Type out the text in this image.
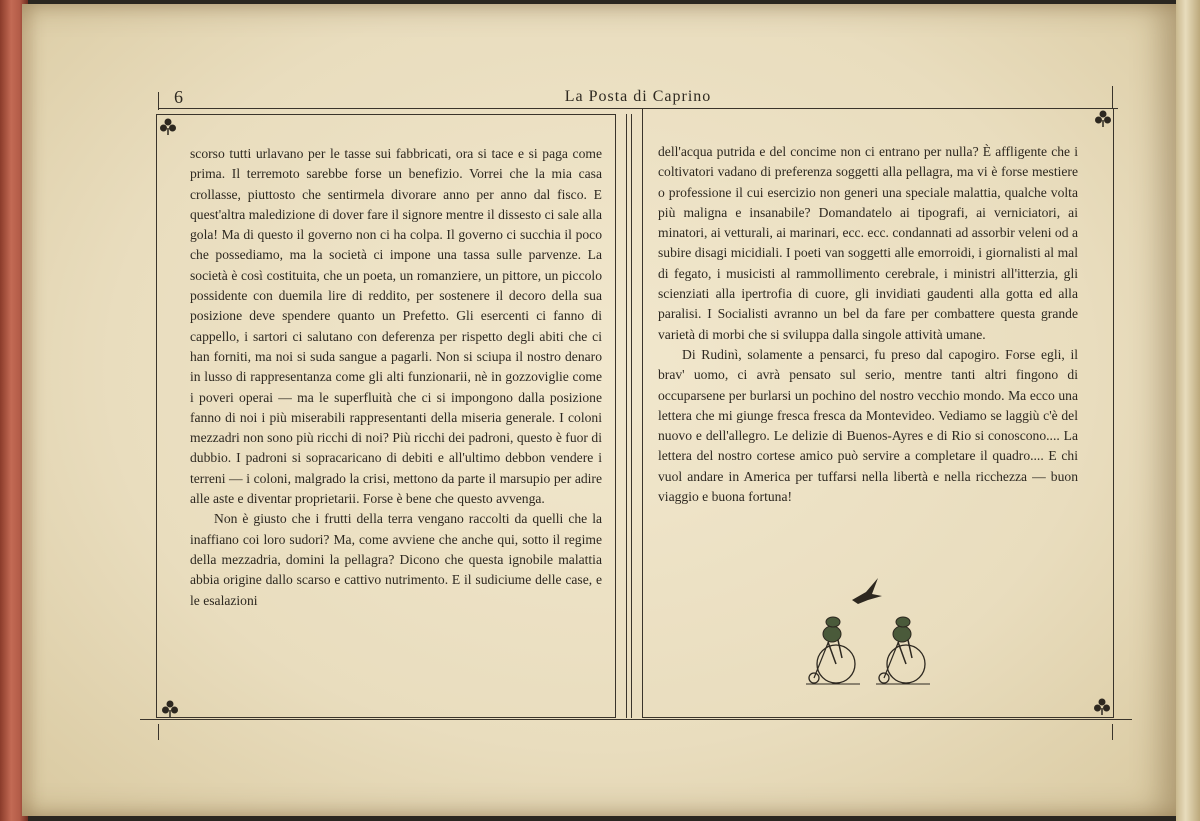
6	La Posta di Caprino

scorso tutti urlavano per le tasse sui fabbricati, ora si tace e si paga come prima. Il terremoto sarebbe forse un benefizio. Vorrei che la mia casa crollasse, piuttosto che sentirmela divorare anno per anno dal fisco. E quest'altra maledizione di dover fare il signore mentre il dissesto ci sale alla gola! Ma di questo il governo non ci ha colpa. Il governo ci succhia il poco che possediamo, ma la società ci impone una tassa sulle parvenze. La società è così costituita, che un poeta, un romanziere, un pittore, un piccolo possidente con duemila lire di reddito, per sostenere il decoro della sua posizione deve spendere quanto un Prefetto. Gli esercenti ci fanno di cappello, i sartori ci salutano con deferenza per rispetto degli abiti che ci han forniti, ma noi si suda sangue a pagarli. Non si sciupa il nostro denaro in lusso di rappresentanza come gli alti funzionarii, nè in gozzoviglie come i poveri operai — ma le superfluità che ci si impongono dalla posizione fanno di noi i più miserabili rappresentanti della miseria generale. I coloni mezzadri non sono più ricchi di noi? Più ricchi dei padroni, questo è fuor di dubbio. I padroni si sopracaricano di debiti e all'ultimo debbon vendere i terreni — i coloni, malgrado la crisi, mettono da parte il marsupio per adire alle aste e diventar proprietarii. Forse è bene che questo avvenga.

Non è giusto che i frutti della terra vengano raccolti da quelli che la inaffiano coi loro sudori? Ma, come avviene che anche qui, sotto il regime della mezzadria, domini la pellagra? Dicono che questa ignobile malattia abbia origine dallo scarso e cattivo nutrimento. E il sudiciume delle case, e le esalazioni

dell'acqua putrida e del concime non ci entrano per nulla? È affligente che i coltivatori vadano di preferenza soggetti alla pellagra, ma vi è forse mestiere o professione il cui esercizio non generi una speciale malattia, qualche volta più maligna e insanabile? Domandatelo ai tipografi, ai verniciatori, ai minatori, ai vetturali, ai marinari, ecc. ecc. condannati ad assorbir veleni od a subire disagi micidiali. I poeti van soggetti alle emorroidi, i giornalisti al mal di fegato, i musicisti al rammollimento cerebrale, i ministri all'itterzia, gli scienziati alla ipertrofia di cuore, gli invidiati gaudenti alla gotta ed alla paralisi. I Socialisti avranno un bel da fare per combattere questa grande varietà di morbi che si sviluppa dalla singole attività umane.

Di Rudinì, solamente a pensarci, fu preso dal capogiro. Forse egli, il brav' uomo, ci avrà pensato sul serio, mentre tanti altri fingono di occuparsene per burlarsi un pochino del nostro vecchio mondo. Ma ecco una lettera che mi giunge fresca fresca da Montevideo. Vediamo se laggiù c'è del nuovo e dell'allegro. Le delizie di Buenos-Ayres e di Rio si conoscono.... La lettera del nostro cortese amico può servire a completare il quadro.... E chi vuol andare in America per tuffarsi nella libertà e nella ricchezza — buon viaggio e buona fortuna!
